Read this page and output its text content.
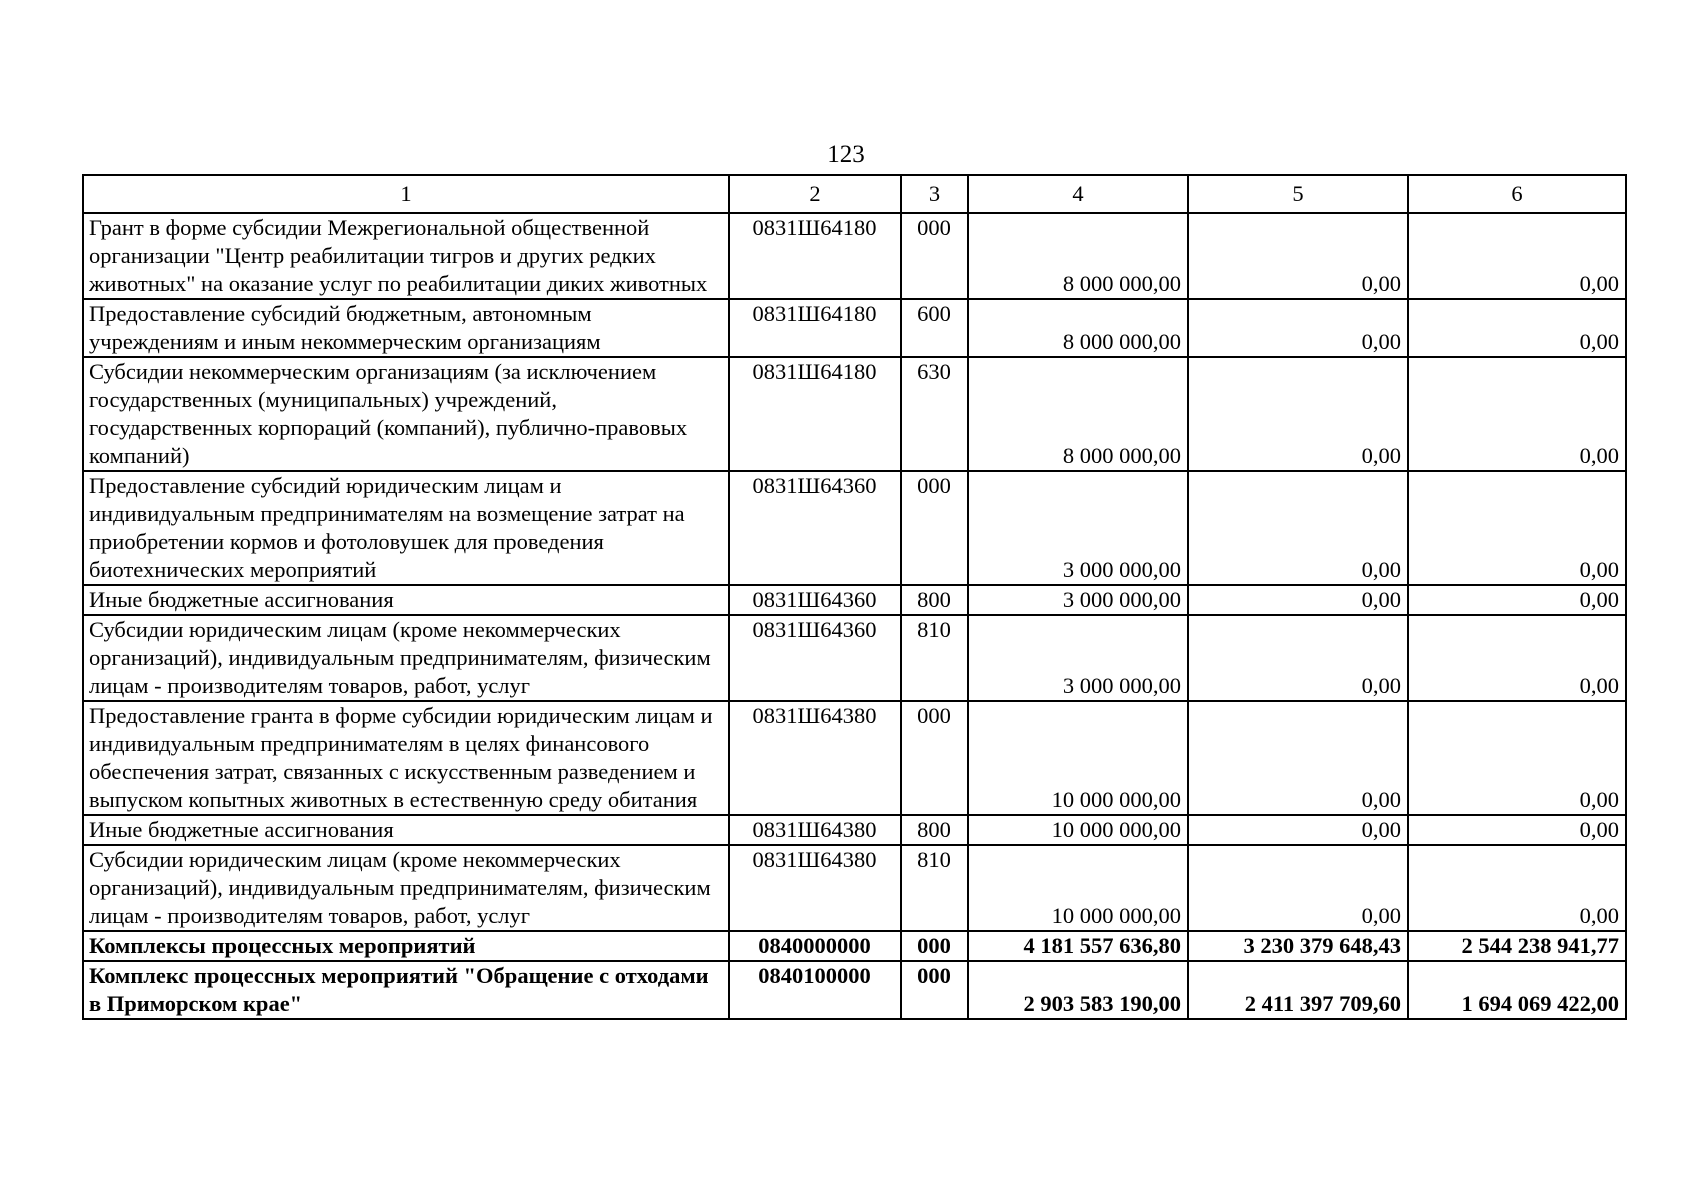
123
1	2	3	4	5	6
Грант в форме субсидии Межрегиональной общественной организации "Центр реабилитации тигров и других редких животных" на оказание услуг по реабилитации диких животных	0831Ш64180	000	8 000 000,00	0,00	0,00
Предоставление субсидий бюджетным, автономным учреждениям и иным некоммерческим организациям	0831Ш64180	600	8 000 000,00	0,00	0,00
Субсидии некоммерческим организациям (за исключением государственных (муниципальных) учреждений, государственных корпораций (компаний), публично-правовых компаний)	0831Ш64180	630	8 000 000,00	0,00	0,00
Предоставление субсидий юридическим лицам и индивидуальным предпринимателям на возмещение затрат на приобретении кормов и фотоловушек для проведения биотехнических мероприятий	0831Ш64360	000	3 000 000,00	0,00	0,00
Иные бюджетные ассигнования	0831Ш64360	800	3 000 000,00	0,00	0,00
Субсидии юридическим лицам (кроме некоммерческих организаций), индивидуальным предпринимателям, физическим лицам - производителям товаров, работ, услуг	0831Ш64360	810	3 000 000,00	0,00	0,00
Предоставление гранта в форме субсидии юридическим лицам и индивидуальным предпринимателям в целях финансового обеспечения затрат, связанных с искусственным разведением и выпуском копытных животных в естественную среду обитания	0831Ш64380	000	10 000 000,00	0,00	0,00
Иные бюджетные ассигнования	0831Ш64380	800	10 000 000,00	0,00	0,00
Субсидии юридическим лицам (кроме некоммерческих организаций), индивидуальным предпринимателям, физическим лицам - производителям товаров, работ, услуг	0831Ш64380	810	10 000 000,00	0,00	0,00
Комплексы процессных мероприятий	0840000000	000	4 181 557 636,80	3 230 379 648,43	2 544 238 941,77
Комплекс процессных мероприятий "Обращение с отходами в Приморском крае"	0840100000	000	2 903 583 190,00	2 411 397 709,60	1 694 069 422,00
